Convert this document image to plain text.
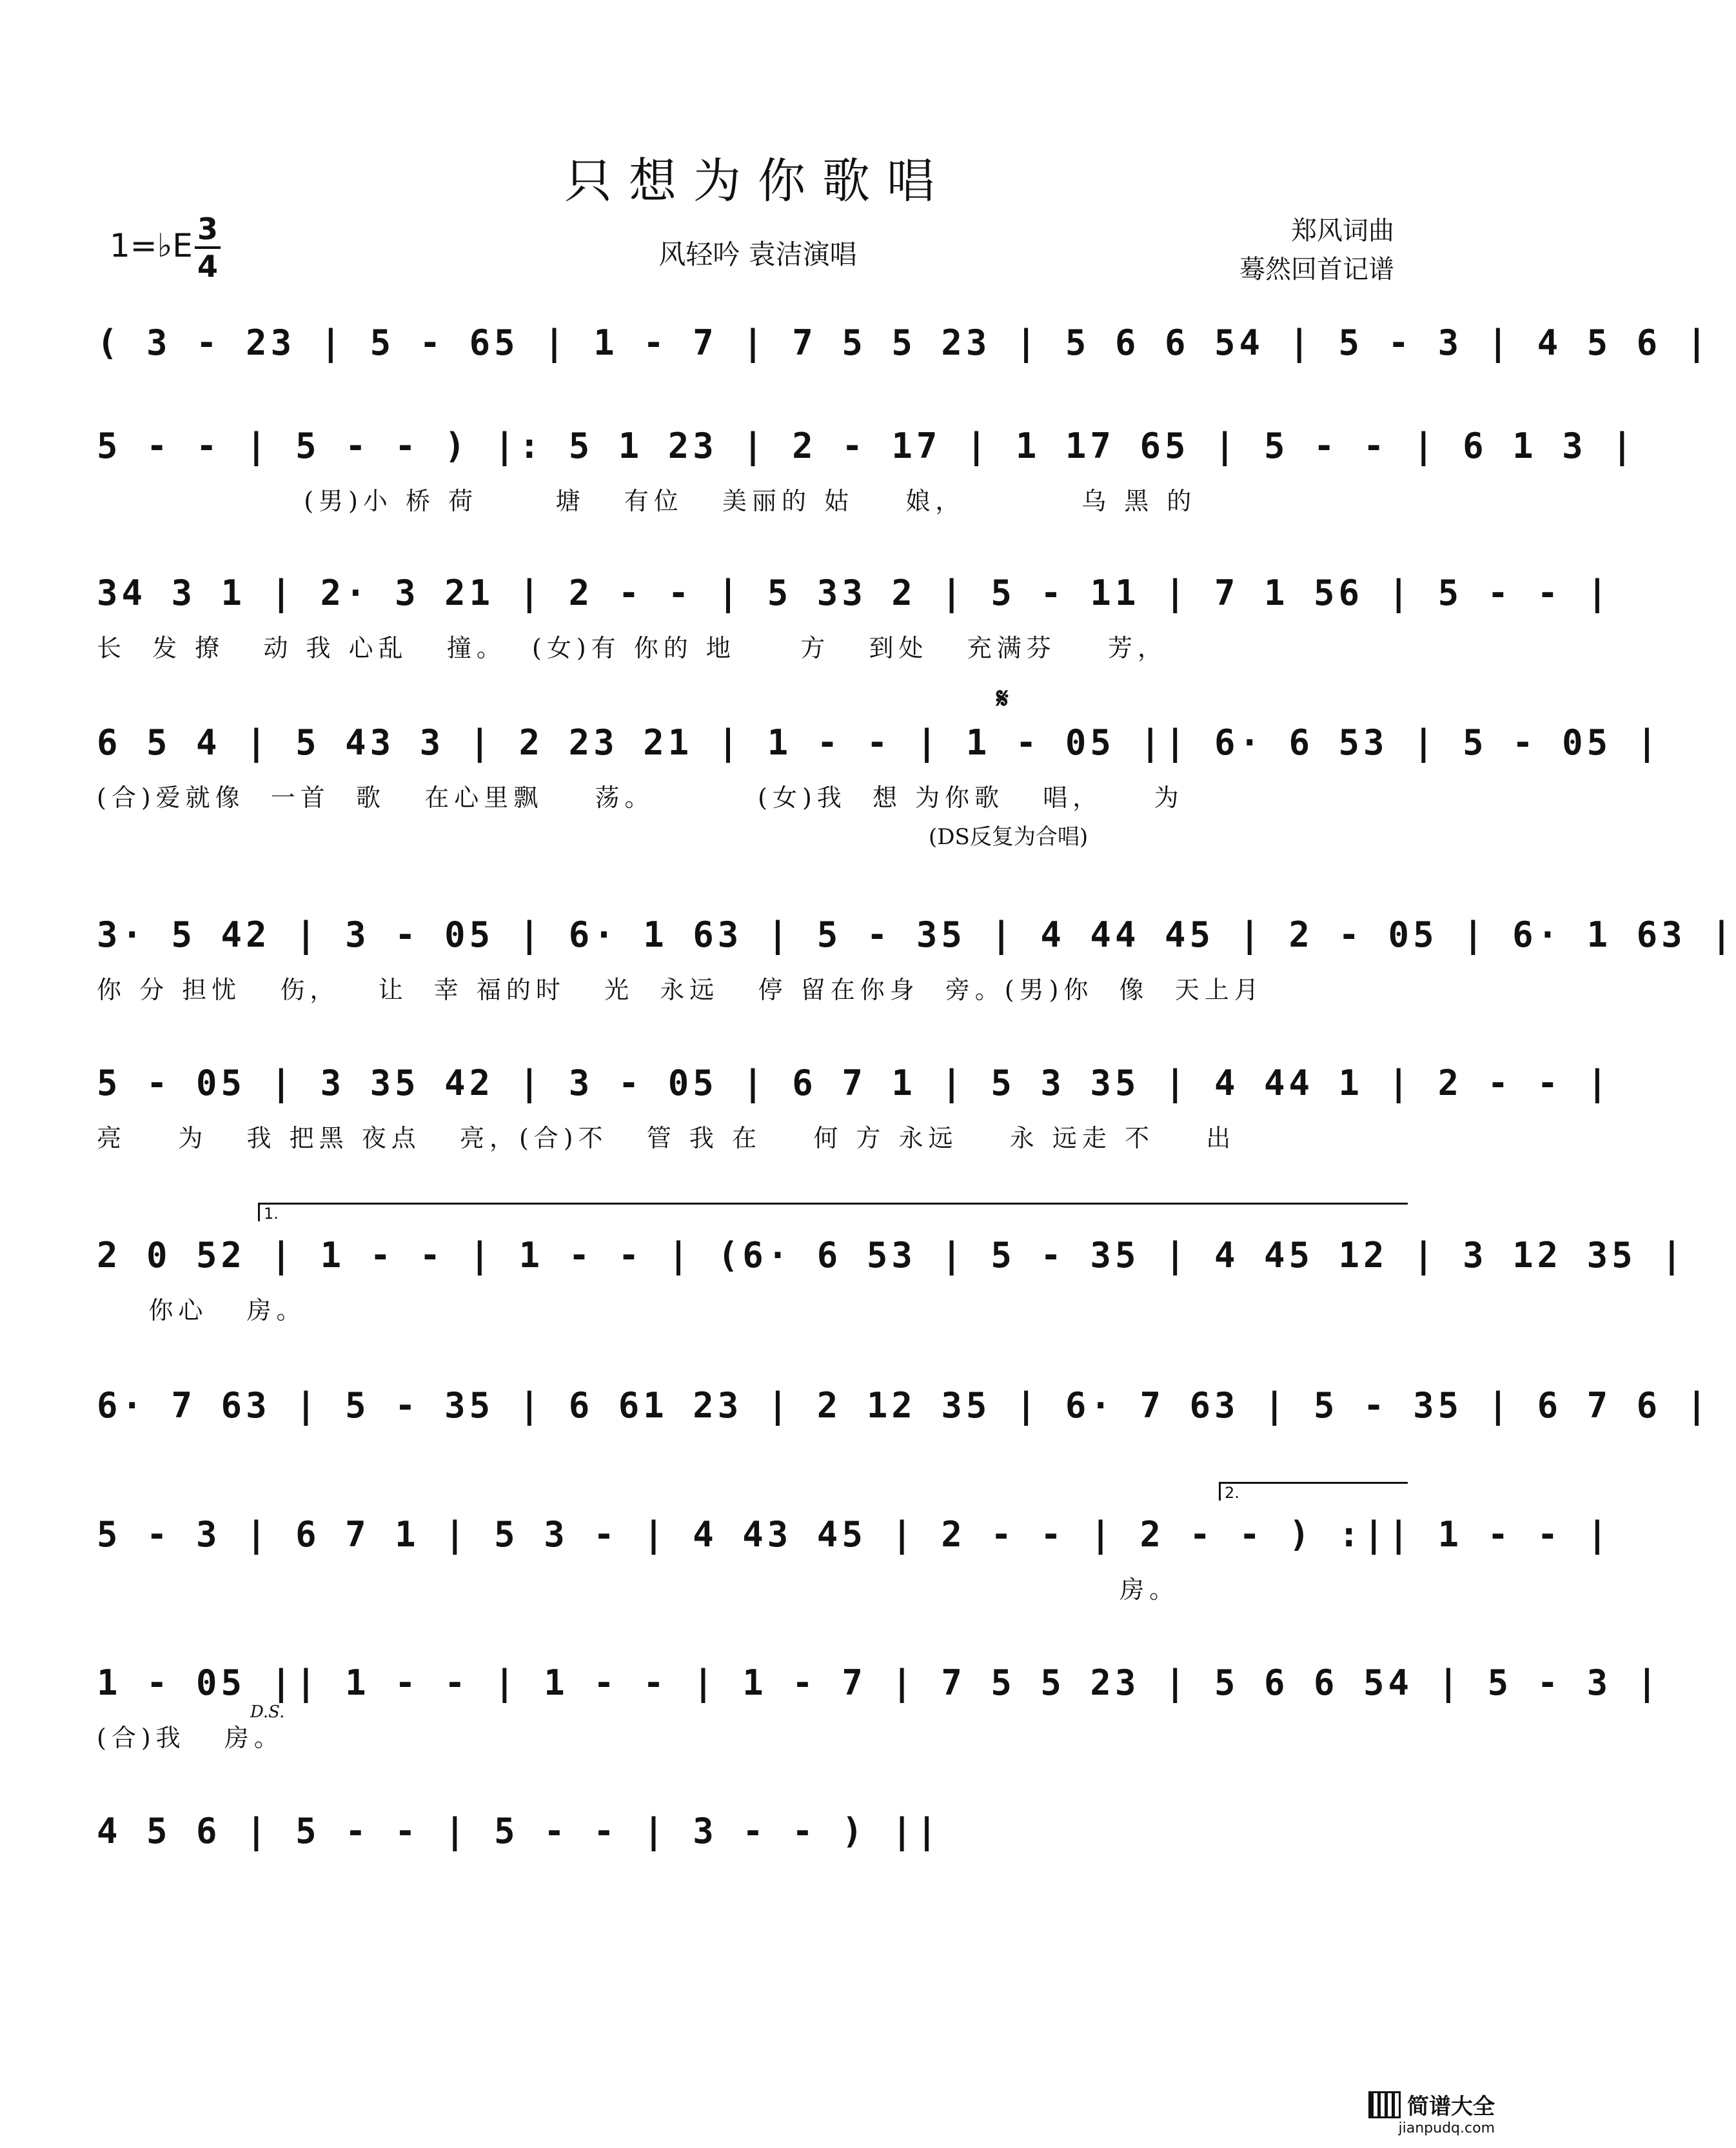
只想为你歌唱
1=♭E 3
4	风轻吟 袁洁演唱
郑风词曲
蓦然回首记谱
( 3 - 23 | 5 - 65 | 1 - 7 | 7 5 5 23 | 5 6 6 54 | 5 - 3 | 4 5 6 |
5 - - | 5 - - ) |: 5 1 23 | 2 - 17 | 1 17 65 | 5 - - | 6 1 3 |
(男)小 桥 荷      塘   有位   美丽的 姑    娘，         乌 黑 的
34 3 1 | 2· 3 21 | 2 - - | 5 33 2 | 5 - 11 | 7 1 56 | 5 - - |
长  发 撩   动 我 心乱   撞。  (女)有 你的 地     方   到处   充满芬    芳，
𝄋
6 5 4 | 5 43 3 | 2 23 21 | 1 - - | 1 - 05 || 6· 6 53 | 5 - 05 |
(合)爱就像  一首  歌   在心里飘    荡。        (女)我  想 为你歌   唱，    为
(DS反复为合唱)
3· 5 42 | 3 - 05 | 6· 1 63 | 5 - 35 | 4 44 45 | 2 - 05 | 6· 1 63 |
你 分 担忧   伤，   让  幸 福的时   光  永远   停 留在你身  旁。(男)你  像  天上月
5 - 05 | 3 35 42 | 3 - 05 | 6 7 1 | 5 3 35 | 4 44 1 | 2 - - |
亮    为   我 把黑 夜点   亮，(合)不   管 我 在    何 方 永远    永 远走 不    出
1.
2 0 52 | 1 - - | 1 - - | (6· 6 53 | 5 - 35 | 4 45 12 | 3 12 35 |
你心   房。
6· 7 63 | 5 - 35 | 6 61 23 | 2 12 35 | 6· 7 63 | 5 - 35 | 6 7 6 |
2.
5 - 3 | 6 7 1 | 5 3 - | 4 43 45 | 2 - - | 2 - - ) :|| 1 - - |
房。
1 - 05 || 1 - - | 1 - - | 1 - 7 | 7 5 5 23 | 5 6 6 54 | 5 - 3 |
(合)我   房。
D.S.
4 5 6 | 5 - - | 5 - - | 3 - - ) ||
简谱大全
jianpudq.com
